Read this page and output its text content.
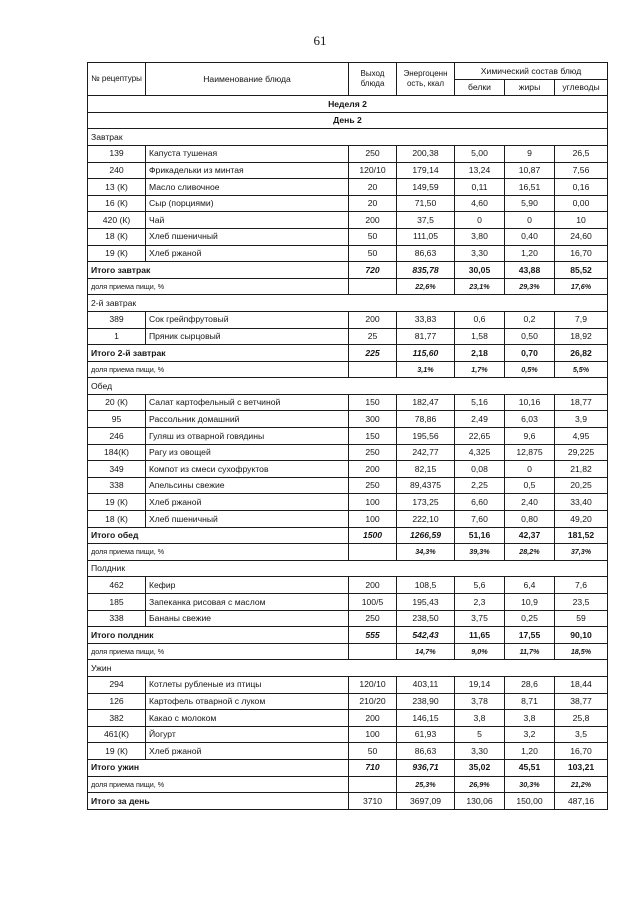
61
№ рецептуры	Наименование блюда	Выход блюда	Энергоценн ость, ккал	Химический состав блюд		
				белки	жиры	углеводы
Неделя 2						
День 2						
Завтрак						
139	Капуста тушеная	250	200,38	5,00	9	26,5
240	Фрикадельки из минтая	120/10	179,14	13,24	10,87	7,56
13 (К)	Масло сливочное	20	149,59	0,11	16,51	0,16
16 (К)	Сыр (порциями)	20	71,50	4,60	5,90	0,00
420 (К)	Чай	200	37,5	0	0	10
18 (К)	Хлеб пшеничный	50	111,05	3,80	0,40	24,60
19 (К)	Хлеб ржаной	50	86,63	3,30	1,20	16,70
Итого завтрак		720	835,78	30,05	43,88	85,52
доля приема пищи, %			22,6%	23,1%	29,3%	17,6%
2-й завтрак						
389	Сок грейпфрутовый	200	33,83	0,6	0,2	7,9
1	Пряник сырцовый	25	81,77	1,58	0,50	18,92
Итого 2-й завтрак		225	115,60	2,18	0,70	26,82
доля приема пищи, %			3,1%	1,7%	0,5%	5,5%
Обед						
20 (К)	Салат картофельный с ветчиной	150	182,47	5,16	10,16	18,77
95	Рассольник домашний	300	78,86	2,49	6,03	3,9
246	Гуляш из отварной говядины	150	195,56	22,65	9,6	4,95
184(К)	Рагу из овощей	250	242,77	4,325	12,875	29,225
349	Компот из смеси сухофруктов	200	82,15	0,08	0	21,82
338	Апельсины свежие	250	89,4375	2,25	0,5	20,25
19 (К)	Хлеб ржаной	100	173,25	6,60	2,40	33,40
18 (К)	Хлеб пшеничный	100	222,10	7,60	0,80	49,20
Итого обед		1500	1266,59	51,16	42,37	181,52
доля приема пищи, %			34,3%	39,3%	28,2%	37,3%
Полдник						
462	Кефир	200	108,5	5,6	6,4	7,6
185	Запеканка рисовая с маслом	100/5	195,43	2,3	10,9	23,5
338	Бананы свежие	250	238,50	3,75	0,25	59
Итого полдник		555	542,43	11,65	17,55	90,10
доля приема пищи, %			14,7%	9,0%	11,7%	18,5%
Ужин						
294	Котлеты рубленые из птицы	120/10	403,11	19,14	28,6	18,44
126	Картофель отварной с луком	210/20	238,90	3,78	8,71	38,77
382	Какао с молоком	200	146,15	3,8	3,8	25,8
461(К)	Йогурт	100	61,93	5	3,2	3,5
19 (К)	Хлеб ржаной	50	86,63	3,30	1,20	16,70
Итого ужин		710	936,71	35,02	45,51	103,21
доля приема пищи, %			25,3%	26,9%	30,3%	21,2%
Итого за день		3710	3697,09	130,06	150,00	487,16
